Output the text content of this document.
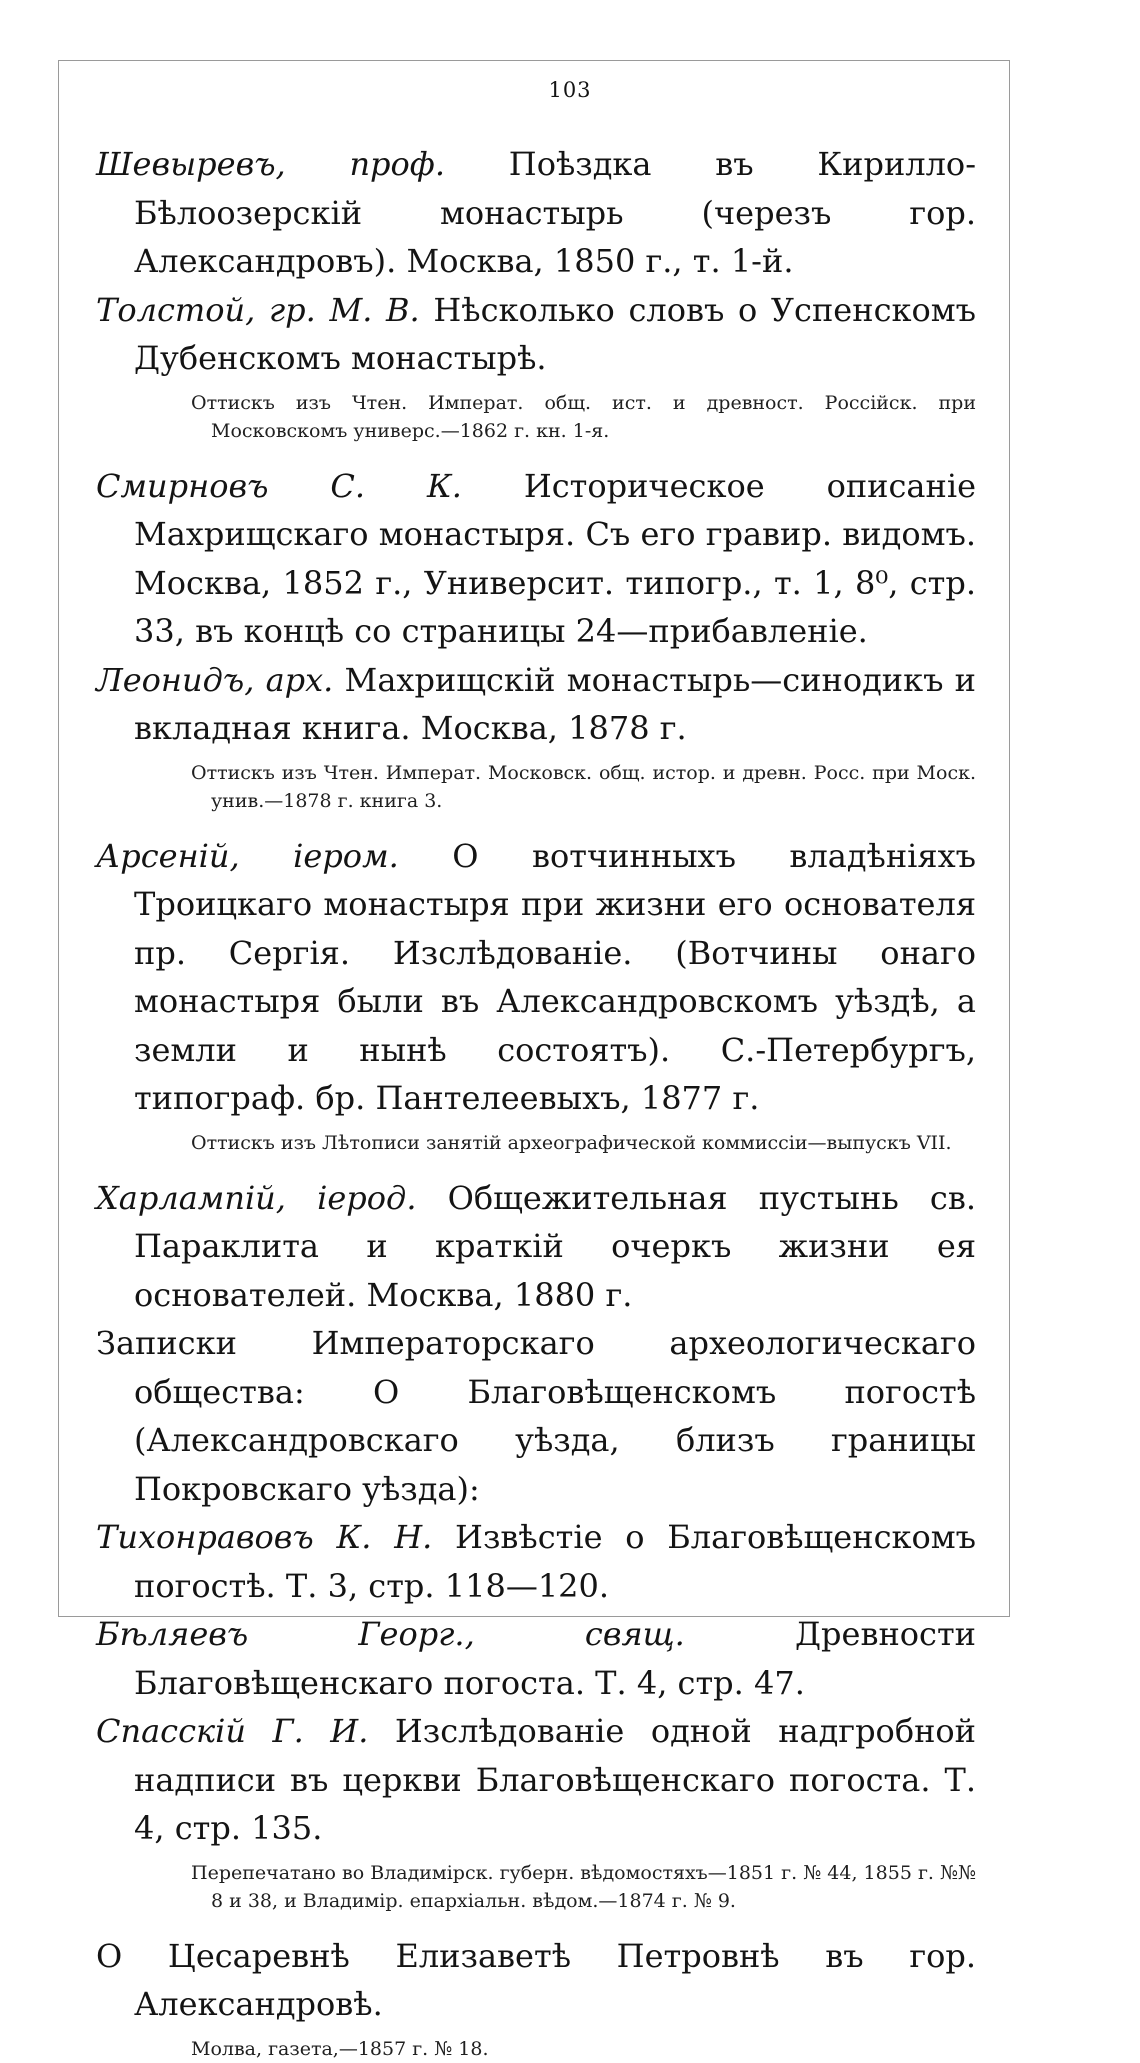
103
Шевыревъ, проф. Поѣздка въ Кирилло-Бѣлоозерскій монастырь (черезъ гор. Александровъ). Москва, 1850 г., т. 1-й.
Толстой, гр. М. В. Нѣсколько словъ о Успенскомъ Дубенскомъ монастырѣ.
Оттискъ изъ Чтен. Императ. общ. ист. и древност. Россійск. при Московскомъ универс.—1862 г. кн. 1-я.
Смирновъ С. К. Историческое описаніе Махрищскаго монастыря. Съ его гравир. видомъ. Москва, 1852 г., Университ. типогр., т. 1, 8⁰, стр. 33, въ концѣ со страницы 24—прибавленіе.
Леонидъ, арх. Махрищскій монастырь—синодикъ и вкладная книга. Москва, 1878 г.
Оттискъ изъ Чтен. Императ. Московск. общ. истор. и древн. Росс. при Моск. унив.—1878 г. книга 3.
Арсеній, іером. О вотчинныхъ владѣніяхъ Троицкаго монастыря при жизни его основателя пр. Сергія. Изслѣдованіе. (Вотчины онаго монастыря были въ Александровскомъ уѣздѣ, а земли и нынѣ состоятъ). С.-Петербургъ, типограф. бр. Пантелеевыхъ, 1877 г.
Оттискъ изъ Лѣтописи занятій археографической коммиссіи—выпускъ VII.
Харлампій, іерод. Общежительная пустынь св. Параклита и краткій очеркъ жизни ея основателей. Москва, 1880 г.
Записки Императорскаго археологическаго общества: О Благовѣщенскомъ погостѣ (Александровскаго уѣзда, близъ границы Покровскаго уѣзда):
Тихонравовъ К. Н. Извѣстіе о Благовѣщенскомъ погостѣ. Т. 3, стр. 118—120.
Бѣляевъ Георг., свящ. Древности Благовѣщенскаго погоста. Т. 4, стр. 47.
Спасскій Г. И. Изслѣдованіе одной надгробной надписи въ церкви Благовѣщенскаго погоста. Т. 4, стр. 135.
Перепечатано во Владимірск. губерн. вѣдомостяхъ—1851 г. № 44, 1855 г. №№ 8 и 38, и Владимір. епархіальн. вѣдом.—1874 г. № 9.
О Цесаревнѣ Елизаветѣ Петровнѣ въ гор. Александровѣ.
Молва, газета,—1857 г. № 18.
